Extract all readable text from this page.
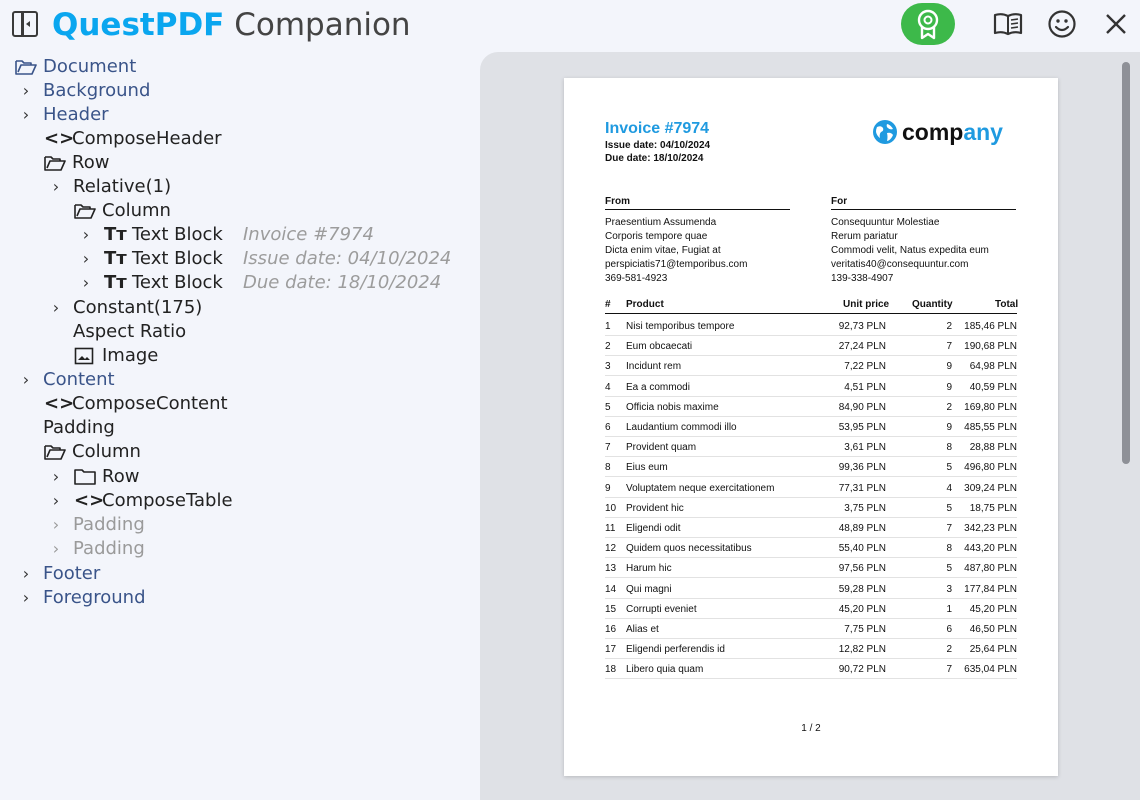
QuestPDF Companion
Document
› Background
› Header
<>
ComposeHeader
Row
› Relative(1)
Column
› Tт Text Block Invoice #7974
› Tт Text Block Issue date: 04/10/2024
› Tт Text Block Due date: 18/10/2024
› Constant(175)
Aspect Ratio
Image
› Content
<>
ComposeContent
Padding
Column
›	Row
› <>
ComposeTable
› Padding
› Padding
› Footer
› Foreground
Invoice #7974
Issue date: 04/10/2024
Due date: 18/10/2024
company
From
Praesentium Assumenda
Corporis tempore quae
Dicta enim vitae, Fugiat at
perspiciatis71@temporibus.com
369-581-4923
For
Consequuntur Molestiae
Rerum pariatur
Commodi velit, Natus expedita eum
veritatis40@consequuntur.com
139-338-4907
# Product	Unit price Quantity	Total
1 Nisi temporibus tempore	92,73 PLN	2 185,46 PLN
2 Eum obcaecati	27,24 PLN	7 190,68 PLN
3 Incidunt rem	7,22 PLN	9 64,98 PLN
4 Ea a commodi	4,51 PLN	9 40,59 PLN
5 Officia nobis maxime	84,90 PLN	2 169,80 PLN
6 Laudantium commodi illo	53,95 PLN	9 485,55 PLN
7 Provident quam	3,61 PLN	8 28,88 PLN
8 Eius eum	99,36 PLN	5 496,80 PLN
9 Voluptatem neque exercitationem	77,31 PLN	4 309,24 PLN
10 Provident hic	3,75 PLN	5 18,75 PLN
11 Eligendi odit	48,89 PLN	7 342,23 PLN
12 Quidem quos necessitatibus	55,40 PLN	8 443,20 PLN
13 Harum hic	97,56 PLN	5 487,80 PLN
14 Qui magni	59,28 PLN	3 177,84 PLN
15 Corrupti eveniet	45,20 PLN	1 45,20 PLN
16 Alias et	7,75 PLN	6 46,50 PLN
17 Eligendi perferendis id	12,82 PLN	2 25,64 PLN
18 Libero quia quam	90,72 PLN	7 635,04 PLN
1 / 2
